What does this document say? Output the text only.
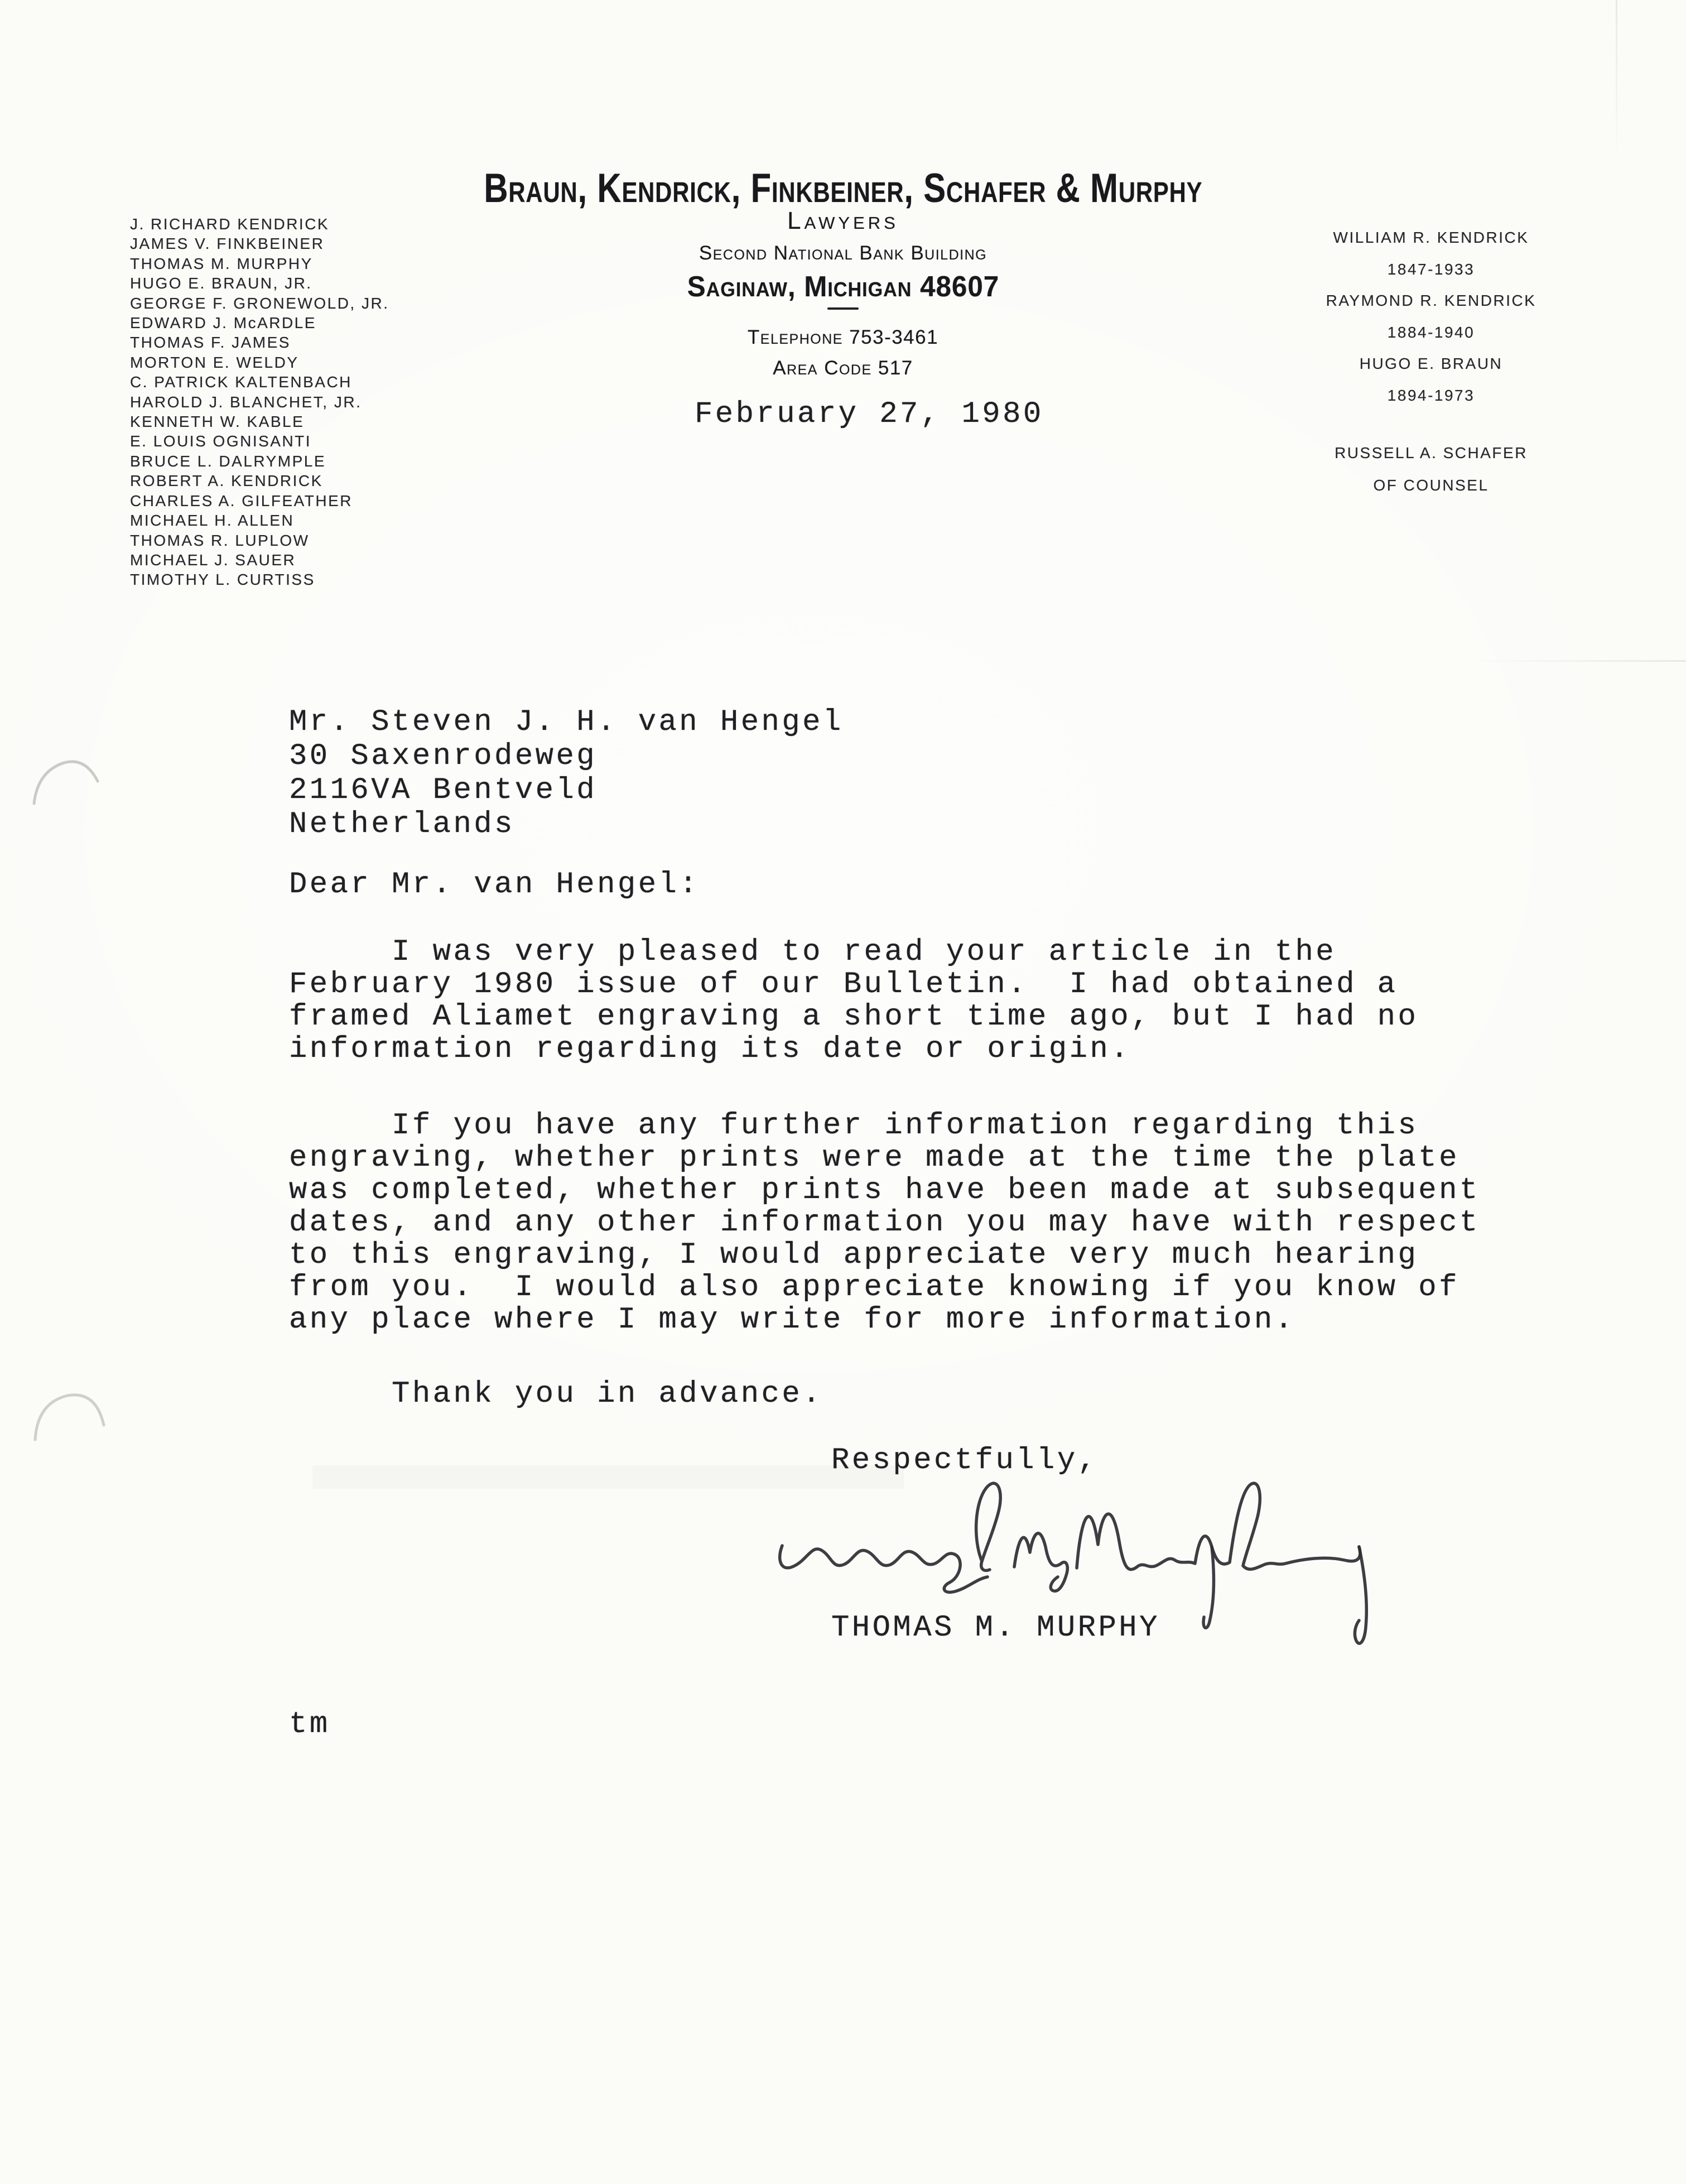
Braun, Kendrick, Finkbeiner, Schafer & Murphy
Lawyers
Second National Bank Building
Saginaw, Michigan 48607
Telephone 753-3461
Area Code 517
J. RICHARD KENDRICK
JAMES V. FINKBEINER
THOMAS M. MURPHY
HUGO E. BRAUN, JR.
GEORGE F. GRONEWOLD, JR.
EDWARD J. McARDLE
THOMAS F. JAMES
MORTON E. WELDY
C. PATRICK KALTENBACH
HAROLD J. BLANCHET, JR.
KENNETH W. KABLE
E. LOUIS OGNISANTI
BRUCE L. DALRYMPLE
ROBERT A. KENDRICK
CHARLES A. GILFEATHER
MICHAEL H. ALLEN
THOMAS R. LUPLOW
MICHAEL J. SAUER
TIMOTHY L. CURTISS
WILLIAM R. KENDRICK
1847-1933
RAYMOND R. KENDRICK
1884-1940
HUGO E. BRAUN
1894-1973
RUSSELL A. SCHAFER
OF COUNSEL
February 27, 1980
Mr. Steven J. H. van Hengel
30 Saxenrodeweg
2116VA Bentveld
Netherlands
Dear Mr. van Hengel:
I was very pleased to read your article in the
February 1980 issue of our Bulletin.  I had obtained a
framed Aliamet engraving a short time ago, but I had no
information regarding its date or origin.
If you have any further information regarding this
engraving, whether prints were made at the time the plate
was completed, whether prints have been made at subsequent
dates, and any other information you may have with respect
to this engraving, I would appreciate very much hearing
from you.  I would also appreciate knowing if you know of
any place where I may write for more information.
Thank you in advance.
Respectfully,
THOMAS M. MURPHY
tm
